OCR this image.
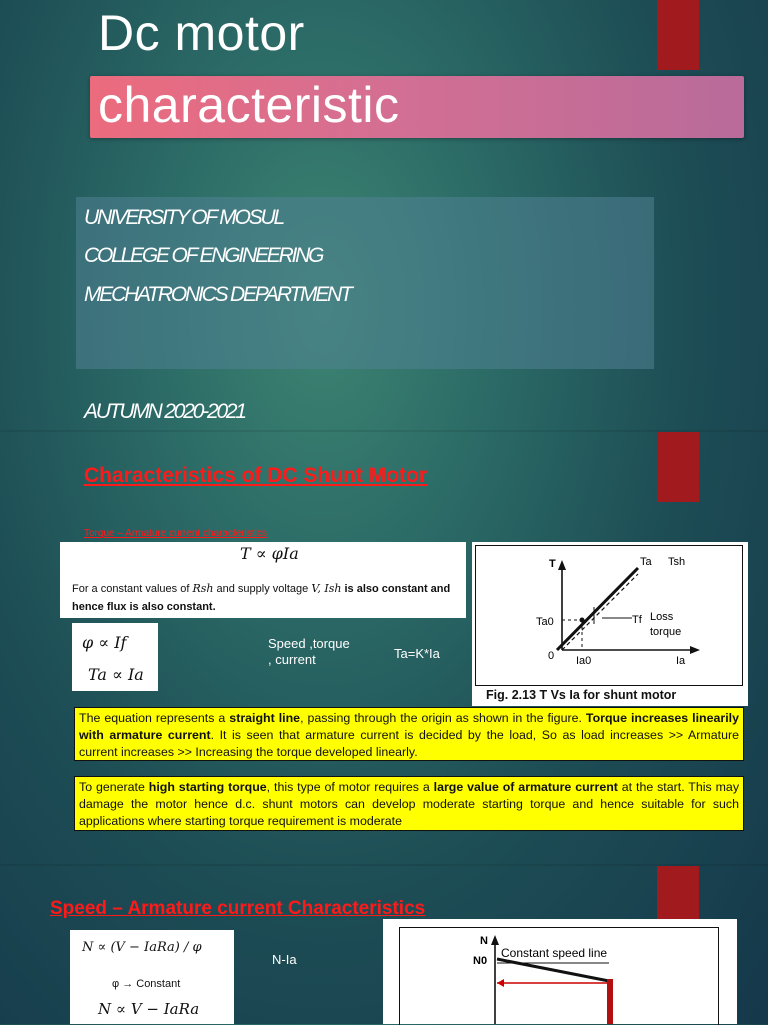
Dc motor
characteristic
UNIVERSITY OF MOSUL
COLLEGE OF ENGINEERING
MECHATRONICS DEPARTMENT
AUTUMN 2020-2021
Characteristics of DC Shunt Motor
Torque – Armature current characteristics
T ∝ φIa
For a constant values of Rsh and supply voltage V, Ish is also constant and hence flux is also constant.
φ ∝ If
Ta ∝ Ia
Speed ,torque
, current	Ta=K*Ia
T	Ta Tsh
Ta0	Tf Loss
torque
0 Ia0	Ia
Fig. 2.13 T Vs Ia for shunt motor
The equation represents a straight line, passing through the origin as shown in the figure. Torque increases linearily with armature current. It is seen that armature current is decided by the load, So as load increases >> Armature current increases >> Increasing the torque developed linearly.
To generate high starting torque, this type of motor requires a large value of armature current at the start. This may damage the motor hence d.c. shunt motors can develop moderate starting torque and hence suitable for such applications where starting torque requirement is moderate
Speed – Armature current Characteristics
N ∝ (V − IaRa) / φ
φ → Constant
N ∝ V − IaRa
N-Ia
N
N0
Constant speed line
